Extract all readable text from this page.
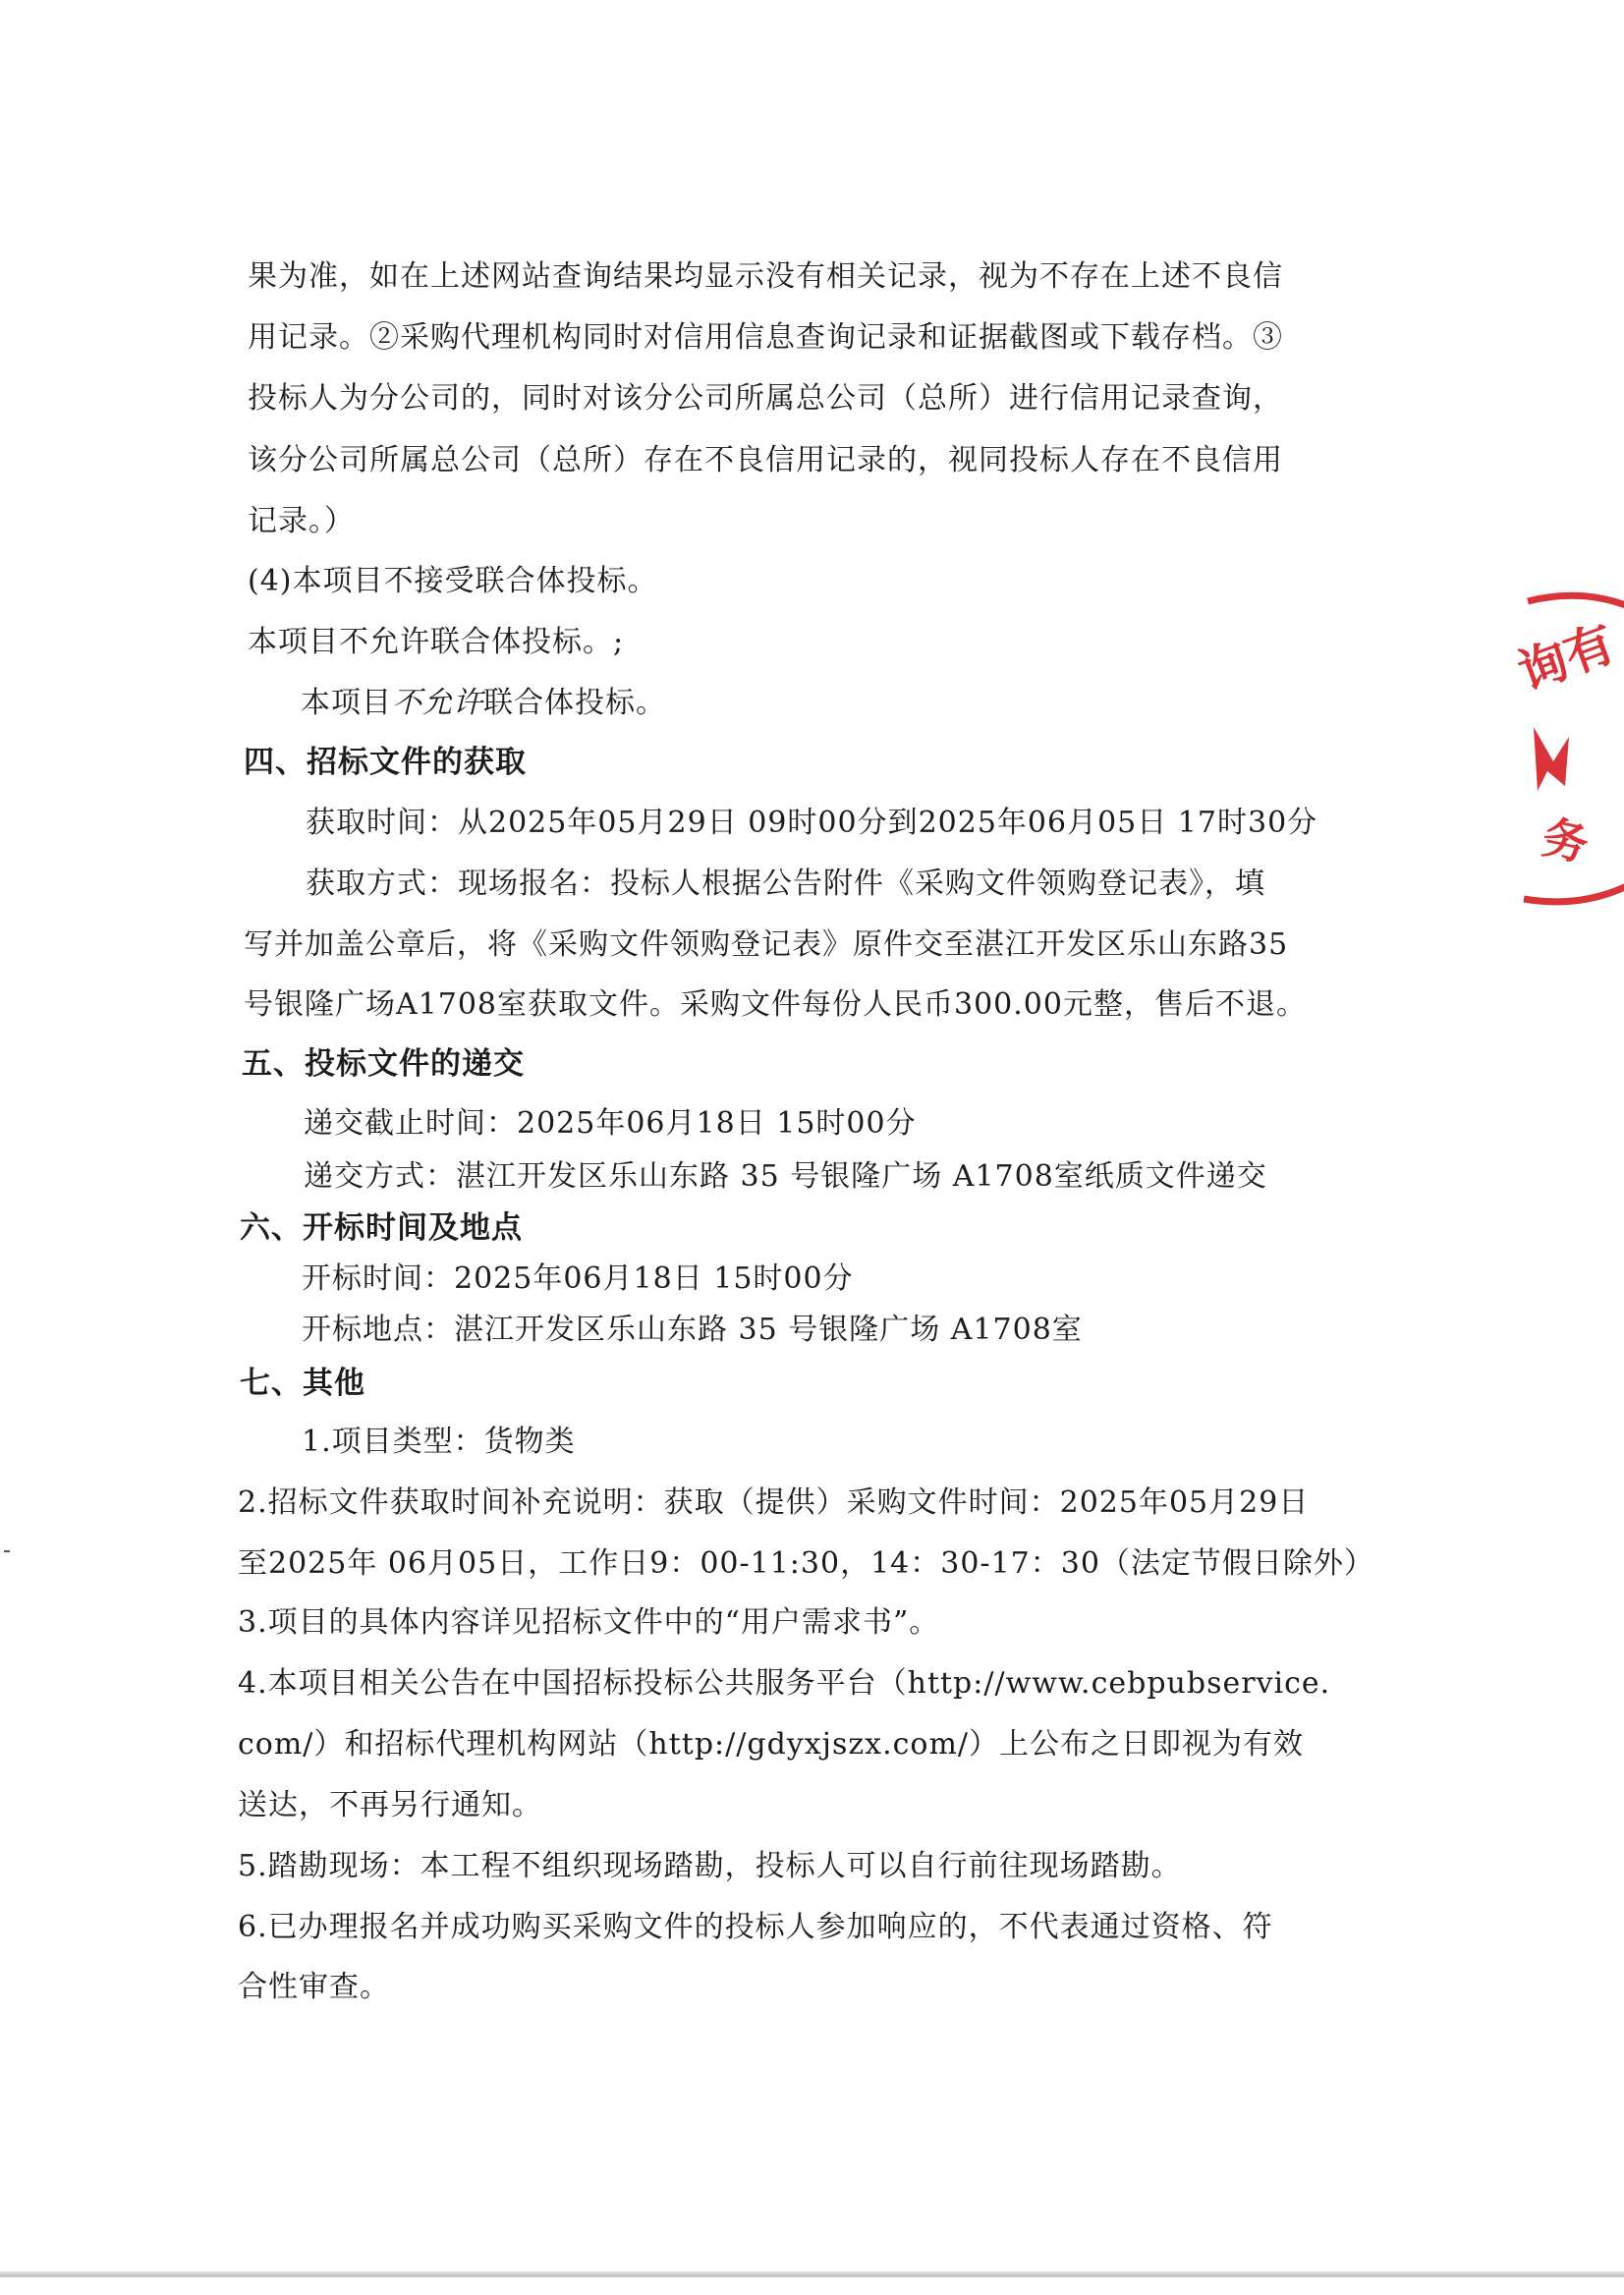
果为准，如在上述网站查询结果均显示没有相关记录，视为不存在上述不良信
用记录。②采购代理机构同时对信用信息查询记录和证据截图或下载存档。③
投标人为分公司的，同时对该分公司所属总公司（总所）进行信用记录查询，
该分公司所属总公司（总所）存在不良信用记录的，视同投标人存在不良信用
记录。）
(4)本项目不接受联合体投标。
本项目不允许联合体投标。;
本项目不允许联合体投标。
四、招标文件的获取
获取时间：从2025年05月29日 09时00分到2025年06月05日 17时30分
获取方式：现场报名：投标人根据公告附件《采购文件领购登记表》，填
写并加盖公章后，将《采购文件领购登记表》原件交至湛江开发区乐山东路35
号银隆广场A1708室获取文件。采购文件每份人民币300.00元整，售后不退。
五、投标文件的递交
递交截止时间：2025年06月18日 15时00分
递交方式：湛江开发区乐山东路 35 号银隆广场 A1708室纸质文件递交
六、开标时间及地点
开标时间：2025年06月18日 15时00分
开标地点：湛江开发区乐山东路 35 号银隆广场 A1708室
七、其他
1.项目类型：货物类
2.招标文件获取时间补充说明：获取（提供）采购文件时间：2025年05月29日
至2025年 06月05日，工作日9：00-11:30，14：30-17：30（法定节假日除外）
3.项目的具体内容详见招标文件中的“用户需求书”。
4.本项目相关公告在中国招标投标公共服务平台（http://www.cebpubservice.
com/）和招标代理机构网站（http://gdyxjszx.com/）上公布之日即视为有效
送达，不再另行通知。
5.踏勘现场：本工程不组织现场踏勘，投标人可以自行前往现场踏勘。
6.已办理报名并成功购买采购文件的投标人参加响应的，不代表通过资格、符
合性审查。
询有
务
